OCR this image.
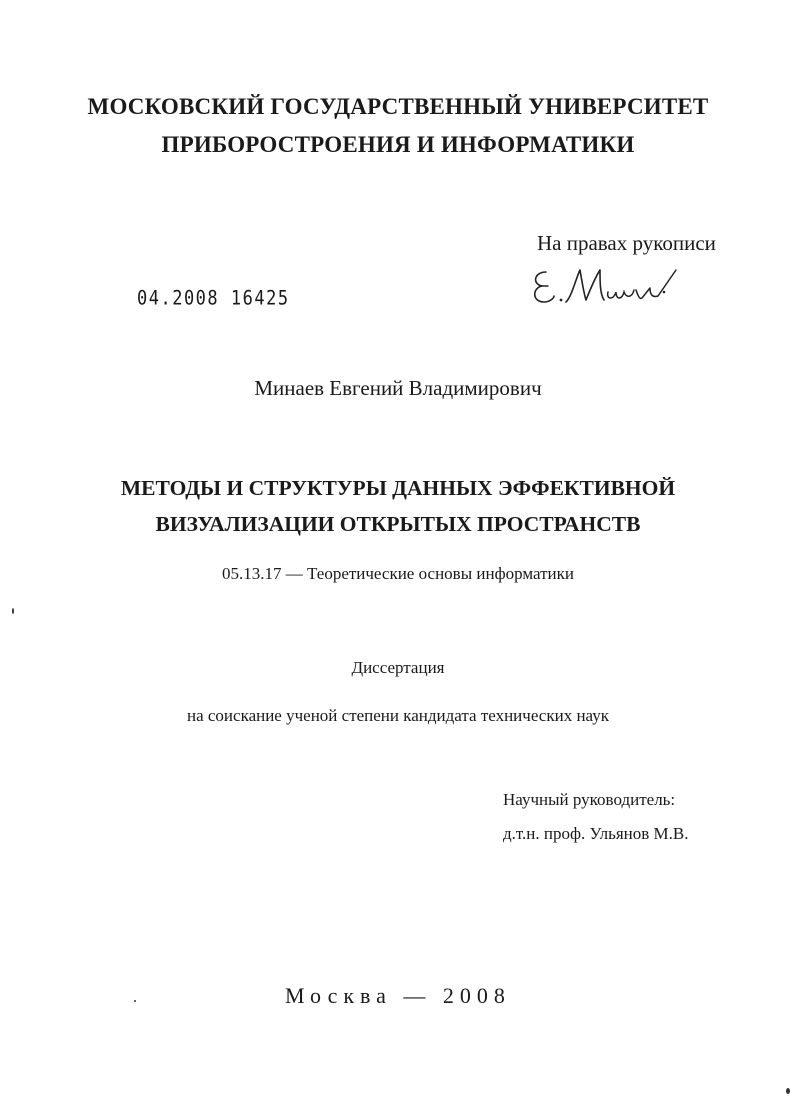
МОСКОВСКИЙ ГОСУДАРСТВЕННЫЙ УНИВЕРСИТЕТ
ПРИБОРОСТРОЕНИЯ И ИНФОРМАТИКИ
На правах рукописи
04.2008 16425
Минаев Евгений Владимирович
МЕТОДЫ И СТРУКТУРЫ ДАННЫХ ЭФФЕКТИВНОЙ
ВИЗУАЛИЗАЦИИ ОТКРЫТЫХ ПРОСТРАНСТВ
05.13.17 — Теоретические основы информатики
Диссертация
на соискание ученой степени кандидата технических наук
Научный руководитель:
д.т.н. проф. Ульянов М.В.
Москва — 2008
